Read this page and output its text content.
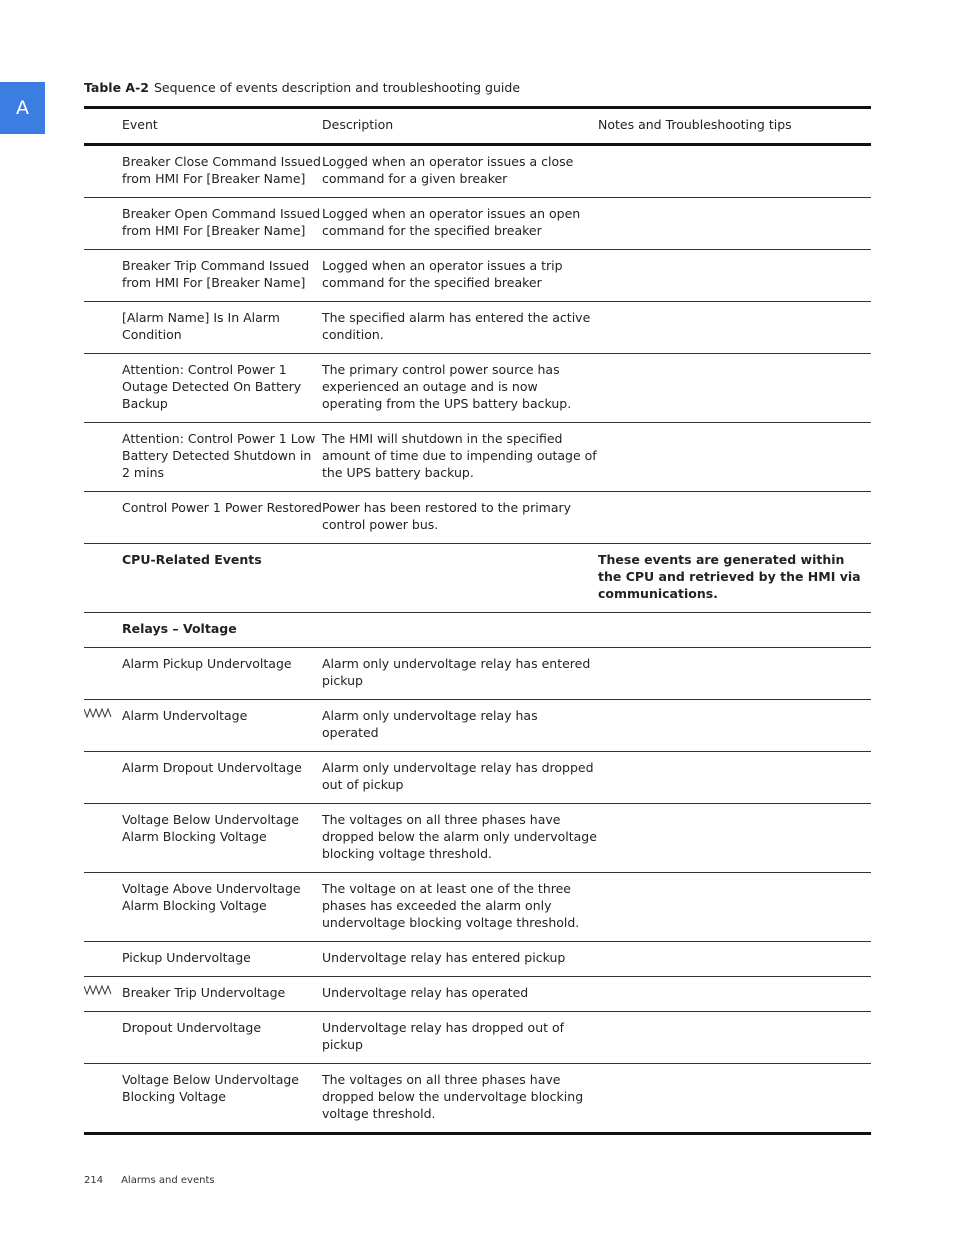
A
Table A-2 Sequence of events description and troubleshooting guide
	Event	Description	Notes and Troubleshooting tips
	Breaker Close Command Issued from HMI For [Breaker Name]	Logged when an operator issues a close command for a given breaker	
	Breaker Open Command Issued from HMI For [Breaker Name]	Logged when an operator issues an open command for the specified breaker	
	Breaker Trip Command Issued from HMI For [Breaker Name]	Logged when an operator issues a trip command for the specified breaker	
	[Alarm Name] Is In Alarm Condition	The specified alarm has entered the active condition.	
	Attention: Control Power 1 Outage Detected On Battery Backup	The primary control power source has experienced an outage and is now operating from the UPS battery backup.	
	Attention: Control Power 1 Low Battery Detected Shutdown in 2 mins	The HMI will shutdown in the specified amount of time due to impending outage of the UPS battery backup.	
	Control Power 1 Power Restored	Power has been restored to the primary control power bus.	
	CPU-Related Events		These events are generated within the CPU and retrieved by the HMI via communications.
	Relays – Voltage		
	Alarm Pickup Undervoltage	Alarm only undervoltage relay has entered pickup	

	Alarm Undervoltage	Alarm only undervoltage relay has operated	
	Alarm Dropout Undervoltage	Alarm only undervoltage relay has dropped out of pickup	
	Voltage Below Undervoltage Alarm Blocking Voltage	The voltages on all three phases have dropped below the alarm only undervoltage blocking voltage threshold.	
	Voltage Above Undervoltage Alarm Blocking Voltage	The voltage on at least one of the three phases has exceeded the alarm only undervoltage blocking voltage threshold.	
	Pickup Undervoltage	Undervoltage relay has entered pickup	

	Breaker Trip Undervoltage	Undervoltage relay has operated	
	Dropout Undervoltage	Undervoltage relay has dropped out of pickup	
	Voltage Below Undervoltage Blocking Voltage	The voltages on all three phases have dropped below the undervoltage blocking voltage threshold.	
214 Alarms and events
